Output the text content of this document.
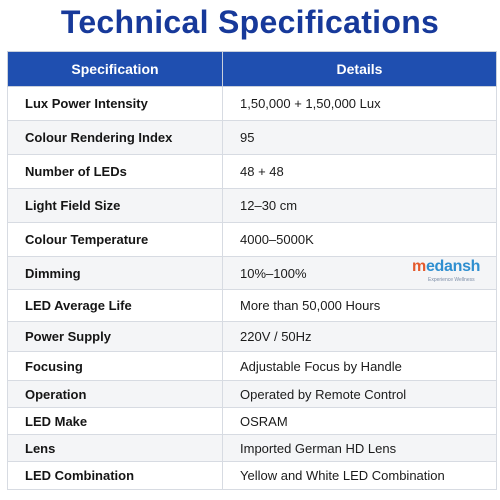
Technical Specifications
Specification	Details
Lux Power Intensity	1,50,000 + 1,50,000 Lux
Colour Rendering Index	95
Number of LEDs	48 + 48
Light Field Size	12–30 cm
Colour Temperature	4000–5000K
Dimming	10%–100%
LED Average Life	More than 50,000 Hours
Power Supply	220V / 50Hz
Focusing	Adjustable Focus by Handle
Operation	Operated by Remote Control
LED Make	OSRAM
Lens	Imported German HD Lens
LED Combination	Yellow and White LED Combination
medansh
Experience Wellness
